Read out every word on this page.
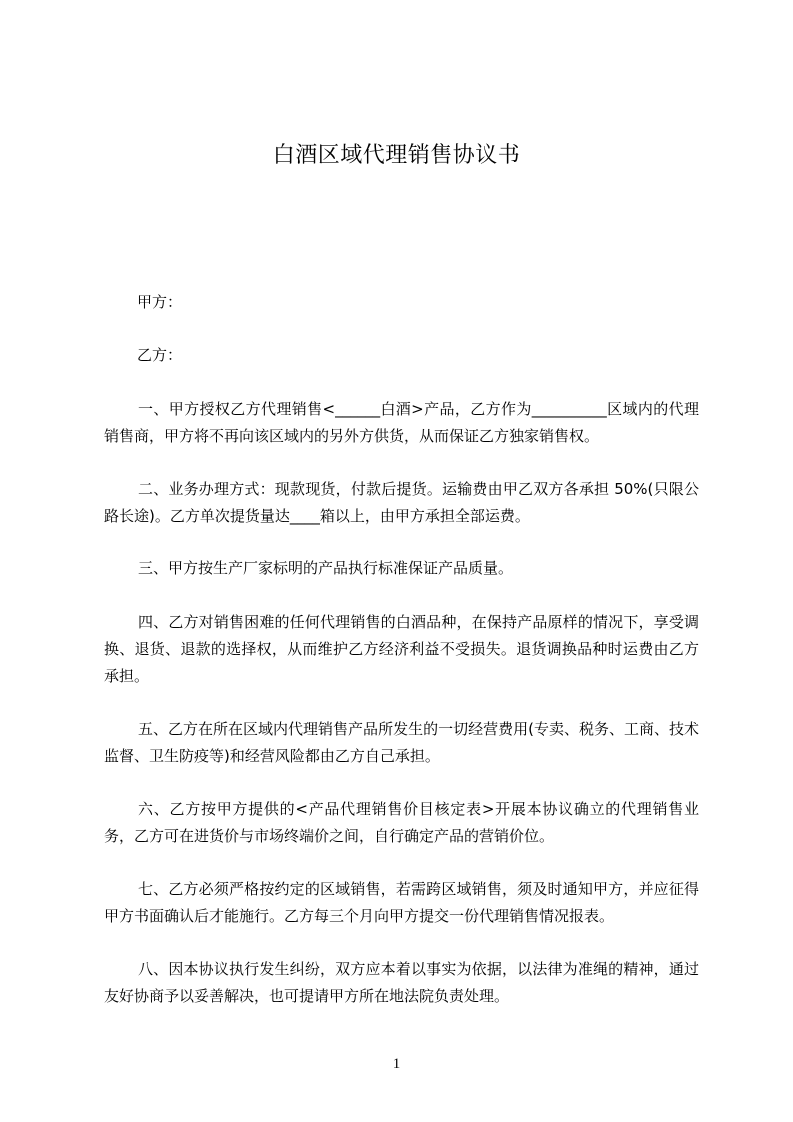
白酒区域代理销售协议书
甲方：
乙方：
一、甲方授权乙方代理销售<______白酒>产品，乙方作为__________区域内的代理销售商，甲方将不再向该区域内的另外方供货，从而保证乙方独家销售权。
二、业务办理方式：现款现货，付款后提货。运输费由甲乙双方各承担 50%(只限公路长途)。乙方单次提货量达____箱以上，由甲方承担全部运费。
三、甲方按生产厂家标明的产品执行标准保证产品质量。
四、乙方对销售困难的任何代理销售的白酒品种，在保持产品原样的情况下，享受调换、退货、退款的选择权，从而维护乙方经济利益不受损失。退货调换品种时运费由乙方承担。
五、乙方在所在区域内代理销售产品所发生的一切经营费用(专卖、税务、工商、技术监督、卫生防疫等)和经营风险都由乙方自己承担。
六、乙方按甲方提供的<产品代理销售价目核定表>开展本协议确立的代理销售业务，乙方可在进货价与市场终端价之间，自行确定产品的营销价位。
七、乙方必须严格按约定的区域销售，若需跨区域销售，须及时通知甲方，并应征得甲方书面确认后才能施行。乙方每三个月向甲方提交一份代理销售情况报表。
八、因本协议执行发生纠纷，双方应本着以事实为依据，以法律为准绳的精神，通过友好协商予以妥善解决，也可提请甲方所在地法院负责处理。
1
